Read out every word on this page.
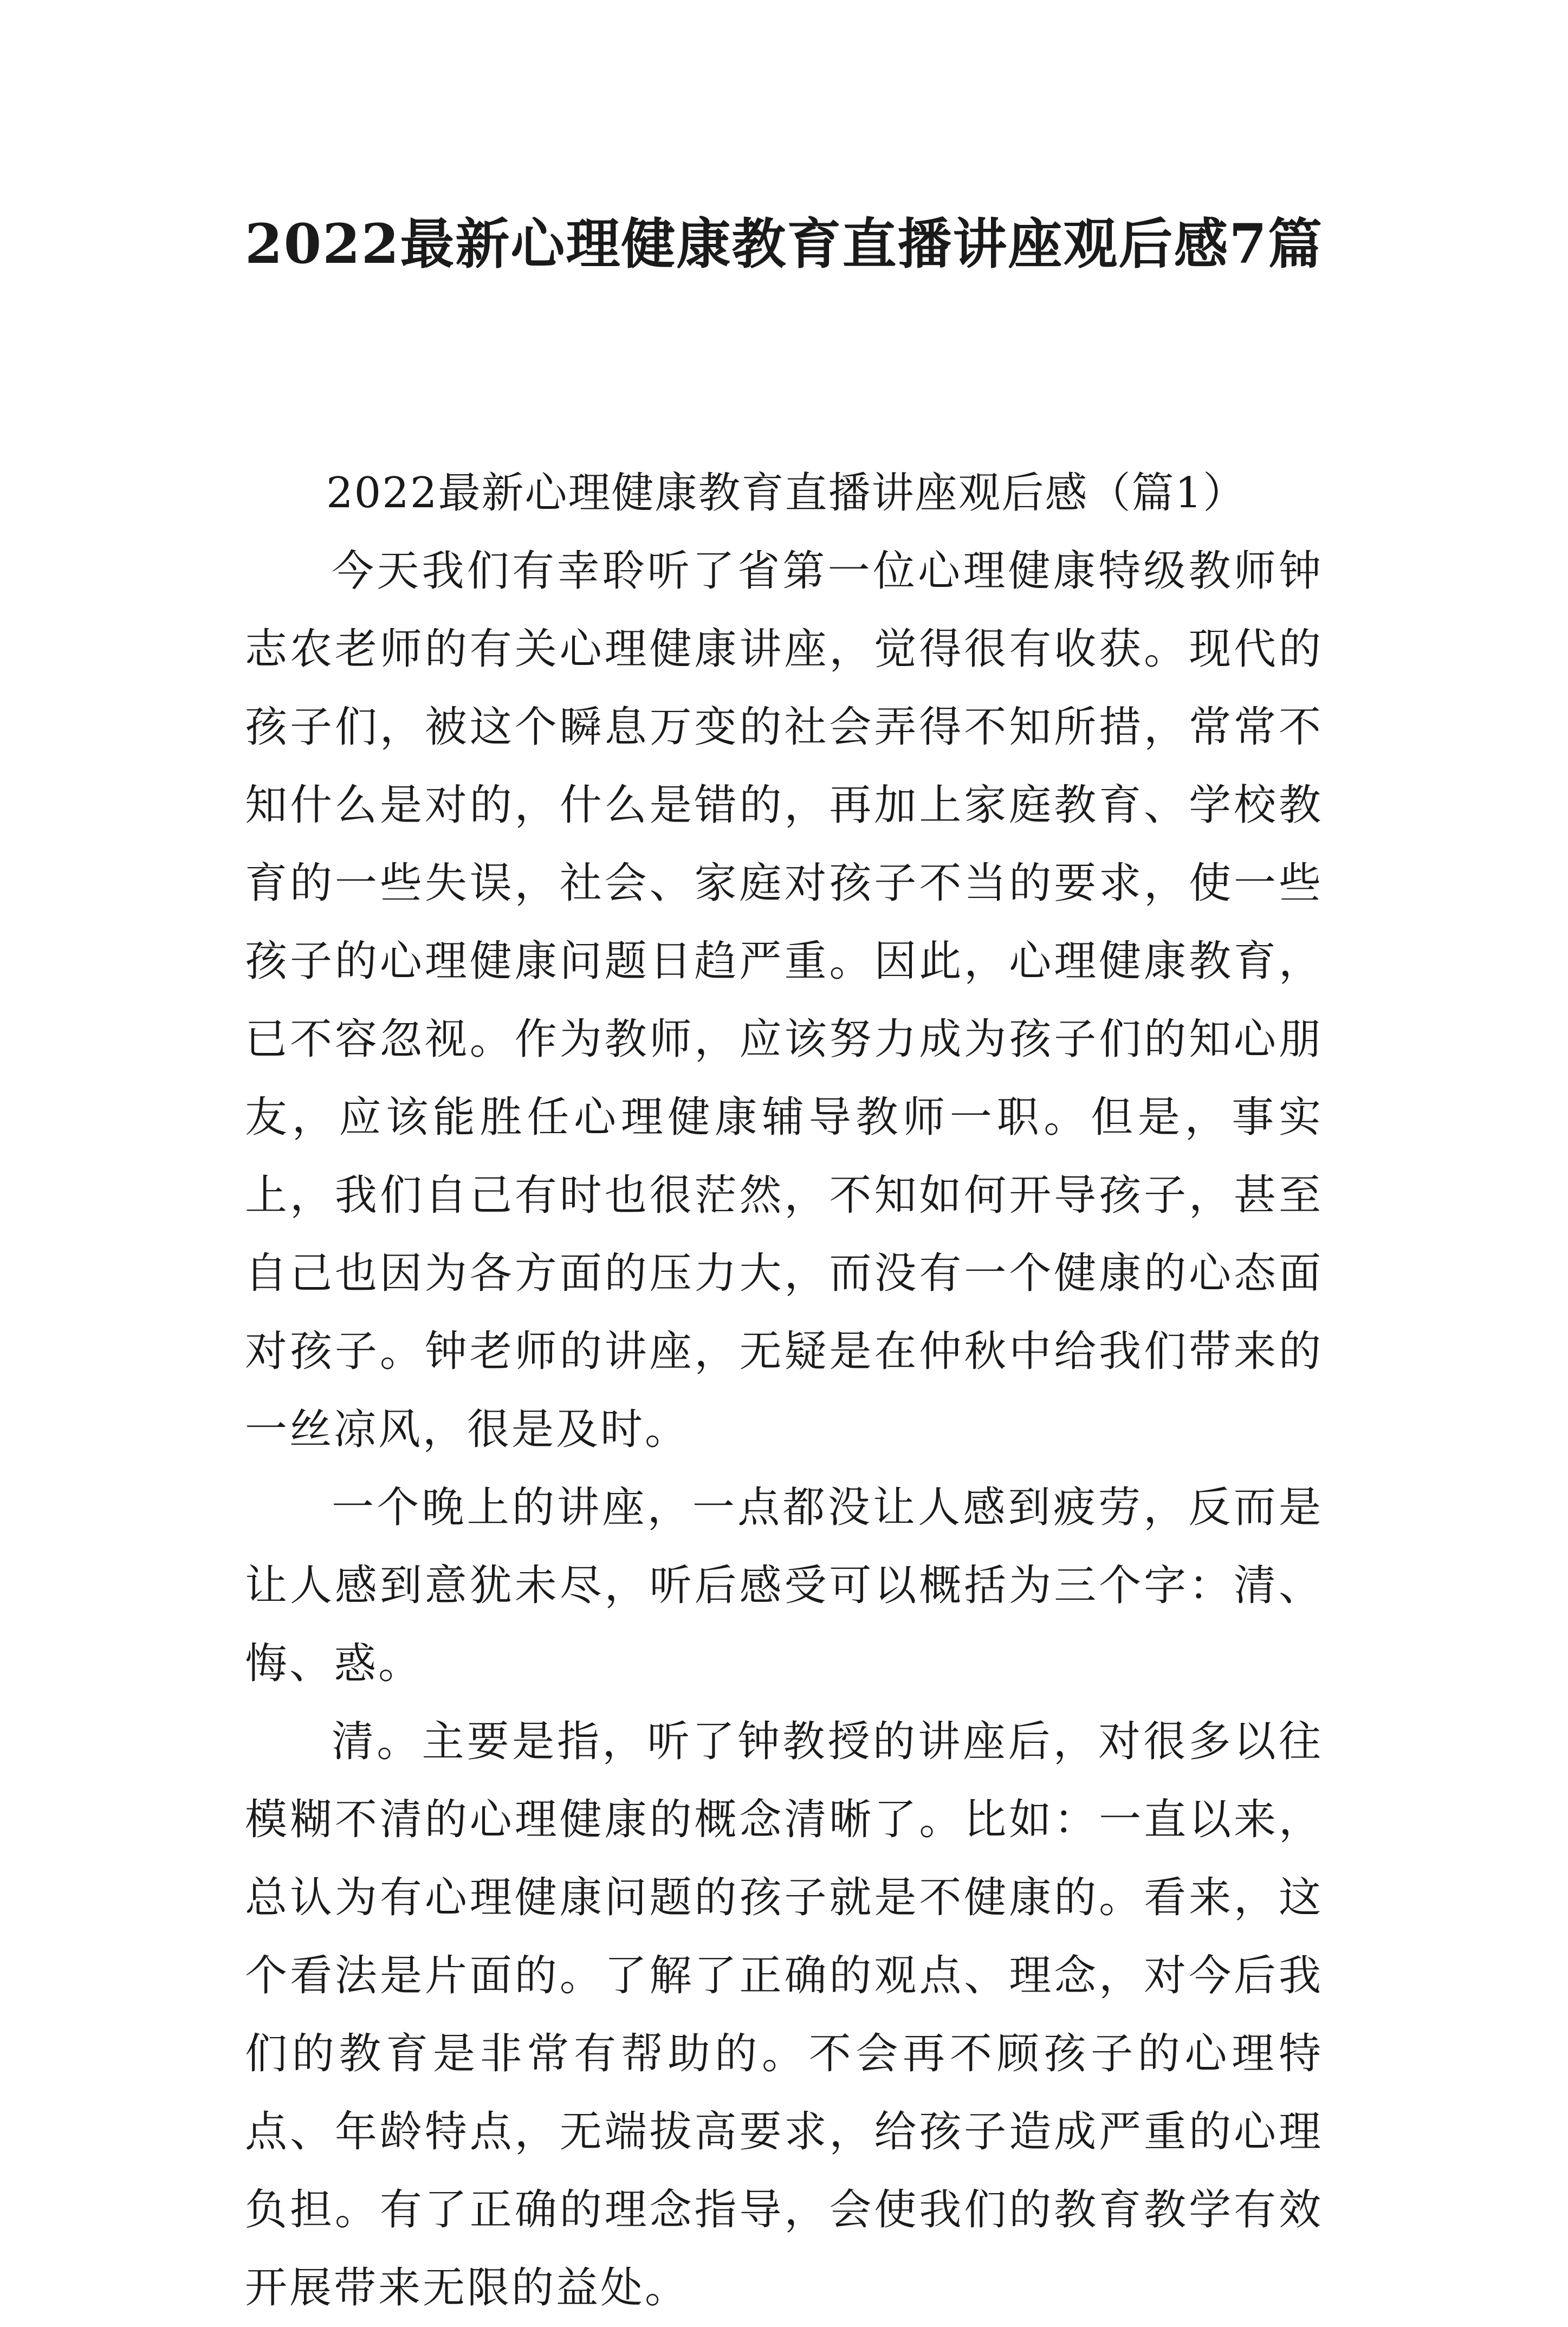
2022最新心理健康教育直播讲座观后感7篇

2022最新心理健康教育直播讲座观后感（篇1）

今天我们有幸聆听了省第一位心理健康特级教师钟志农老师的有关心理健康讲座，觉得很有收获。现代的孩子们，被这个瞬息万变的社会弄得不知所措，常常不知什么是对的，什么是错的，再加上家庭教育、学校教育的一些失误，社会、家庭对孩子不当的要求，使一些孩子的心理健康问题日趋严重。因此，心理健康教育，已不容忽视。作为教师，应该努力成为孩子们的知心朋友，应该能胜任心理健康辅导教师一职。但是，事实上，我们自己有时也很茫然，不知如何开导孩子，甚至自己也因为各方面的压力大，而没有一个健康的心态面对孩子。钟老师的讲座，无疑是在仲秋中给我们带来的一丝凉风，很是及时。

一个晚上的讲座，一点都没让人感到疲劳，反而是让人感到意犹未尽，听后感受可以概括为三个字：清、悔、惑。

清。主要是指，听了钟教授的讲座后，对很多以往模糊不清的心理健康的概念清晰了。比如：一直以来，总认为有心理健康问题的孩子就是不健康的。看来，这个看法是片面的。了解了正确的观点、理念，对今后我们的教育是非常有帮助的。不会再不顾孩子的心理特点、年龄特点，无端拔高要求，给孩子造成严重的心理负担。有了正确的理念指导，会使我们的教育教学有效开展带来无限的益处。
